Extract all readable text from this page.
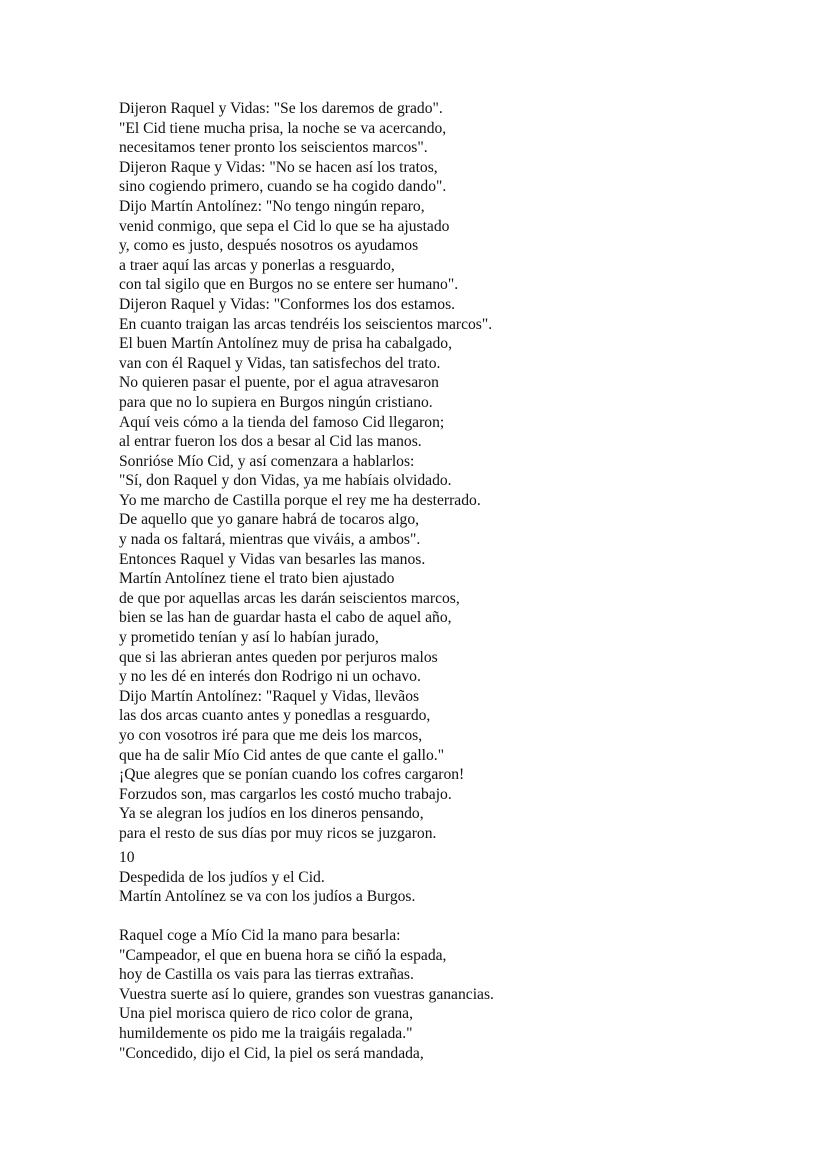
Dijeron Raquel y Vidas: "Se los daremos de grado".
"El Cid tiene mucha prisa, la noche se va acercando,
necesitamos tener pronto los seiscientos marcos".
Dijeron Raque y Vidas: "No se hacen así los tratos,
sino cogiendo primero, cuando se ha cogido dando".
Dijo Martín Antolínez: "No tengo ningún reparo,
venid conmigo, que sepa el Cid lo que se ha ajustado
y, como es justo, después nosotros os ayudamos
a traer aquí las arcas y ponerlas a resguardo,
con tal sigilo que en Burgos no se entere ser humano".
Dijeron Raquel y Vidas: "Conformes los dos estamos.
En cuanto traigan las arcas tendréis los seiscientos marcos".
El buen Martín Antolínez muy de prisa ha cabalgado,
van con él Raquel y Vidas, tan satisfechos del trato.
No quieren pasar el puente, por el agua atravesaron
para que no lo supiera en Burgos ningún cristiano.
Aquí veis cómo a la tienda del famoso Cid llegaron;
al entrar fueron los dos a besar al Cid las manos.
Sonrióse Mío Cid, y así comenzara a hablarlos:
"Sí, don Raquel y don Vidas, ya me habíais olvidado.
Yo me marcho de Castilla porque el rey me ha desterrado.
De aquello que yo ganare habrá de tocaros algo,
y nada os faltará, mientras que viváis, a ambos".
Entonces Raquel y Vidas van besarles las manos.
Martín Antolínez tiene el trato bien ajustado
de que por aquellas arcas les darán seiscientos marcos,
bien se las han de guardar hasta el cabo de aquel año,
y prometido tenían y así lo habían jurado,
que si las abrieran antes queden por perjuros malos
y no les dé en interés don Rodrigo ni un ochavo.
Dijo Martín Antolínez: "Raquel y Vidas, llevãos
las dos arcas cuanto antes y ponedlas a resguardo,
yo con vosotros iré para que me deis los marcos,
que ha de salir Mío Cid antes de que cante el gallo."
¡Que alegres que se ponían cuando los cofres cargaron!
Forzudos son, mas cargarlos les costó mucho trabajo.
Ya se alegran los judíos en los dineros pensando,
para el resto de sus días por muy ricos se juzgaron.
10
Despedida de los judíos y el Cid.
Martín Antolínez se va con los judíos a Burgos.
Raquel coge a Mío Cid la mano para besarla:
"Campeador, el que en buena hora se ciñó la espada,
hoy de Castilla os vais para las tierras extrañas.
Vuestra suerte así lo quiere, grandes son vuestras ganancias.
Una piel morisca quiero de rico color de grana,
humildemente os pido me la traigáis regalada."
"Concedido, dijo el Cid, la piel os será mandada,
